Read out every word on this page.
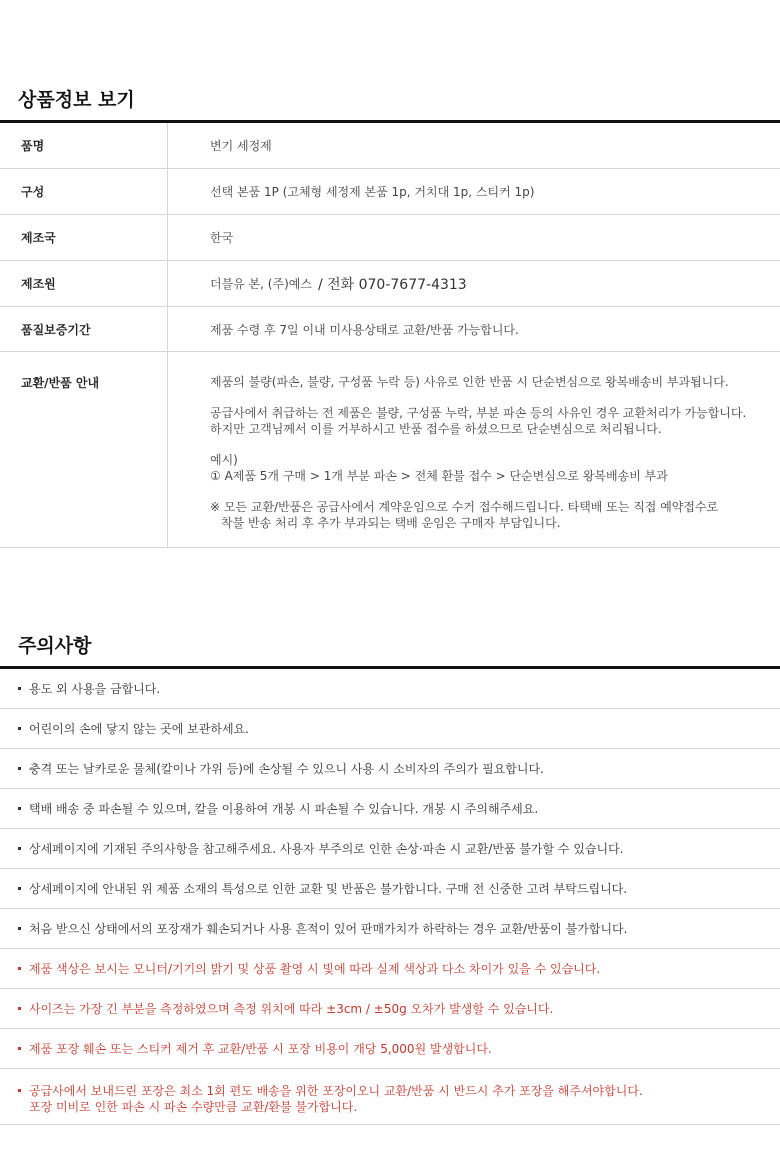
상품정보 보기
품명	변기 세정제
구성	선택 본품 1P (고체형 세정제 본품 1p, 거치대 1p, 스티커 1p)
제조국	한국
제조원	더블유 본, (주)예스 / 전화 070-7677-4313
품질보증기간	제품 수령 후 7일 이내 미사용상태로 교환/반품 가능합니다.
교환/반품 안내	제품의 불량(파손, 불량, 구성품 누락 등) 사유로 인한 반품 시 단순변심으로 왕복배송비 부과됩니다.
공급사에서 취급하는 전 제품은 불량, 구성품 누락, 부분 파손 등의 사유인 경우 교환처리가 가능합니다.
하지만 고객님께서 이를 거부하시고 반품 접수를 하셨으므로 단순변심으로 처리됩니다.
예시)
① A제품 5개 구매 > 1개 부분 파손 > 전체 환불 접수 > 단순변심으로 왕복배송비 부과
※ 모든 교환/반품은 공급사에서 계약운임으로 수거 접수해드립니다. 타택배 또는 직접 예약접수로
착불 반송 처리 후 추가 부과되는 택배 운임은 구매자 부담입니다.
주의사항
용도 외 사용을 금합니다.
어린이의 손에 닿지 않는 곳에 보관하세요.
충격 또는 날카로운 물체(칼이나 가위 등)에 손상될 수 있으니 사용 시 소비자의 주의가 필요합니다.
택배 배송 중 파손될 수 있으며, 칼을 이용하여 개봉 시 파손될 수 있습니다. 개봉 시 주의해주세요.
상세페이지에 기재된 주의사항을 참고해주세요. 사용자 부주의로 인한 손상·파손 시 교환/반품 불가할 수 있습니다.
상세페이지에 안내된 위 제품 소재의 특성으로 인한 교환 및 반품은 불가합니다. 구매 전 신중한 고려 부탁드립니다.
처음 받으신 상태에서의 포장재가 훼손되거나 사용 흔적이 있어 판매가치가 하락하는 경우 교환/반품이 불가합니다.
제품 색상은 보시는 모니터/기기의 밝기 및 상품 촬영 시 빛에 따라 실제 색상과 다소 차이가 있을 수 있습니다.
사이즈는 가장 긴 부분을 측정하였으며 측정 위치에 따라 ±3cm / ±50g 오차가 발생할 수 있습니다.
제품 포장 훼손 또는 스티커 제거 후 교환/반품 시 포장 비용이 개당 5,000원 발생합니다.
공급사에서 보내드린 포장은 최소 1회 편도 배송을 위한 포장이오니 교환/반품 시 반드시 추가 포장을 해주셔야합니다.
포장 미비로 인한 파손 시 파손 수량만큼 교환/환불 불가합니다.
